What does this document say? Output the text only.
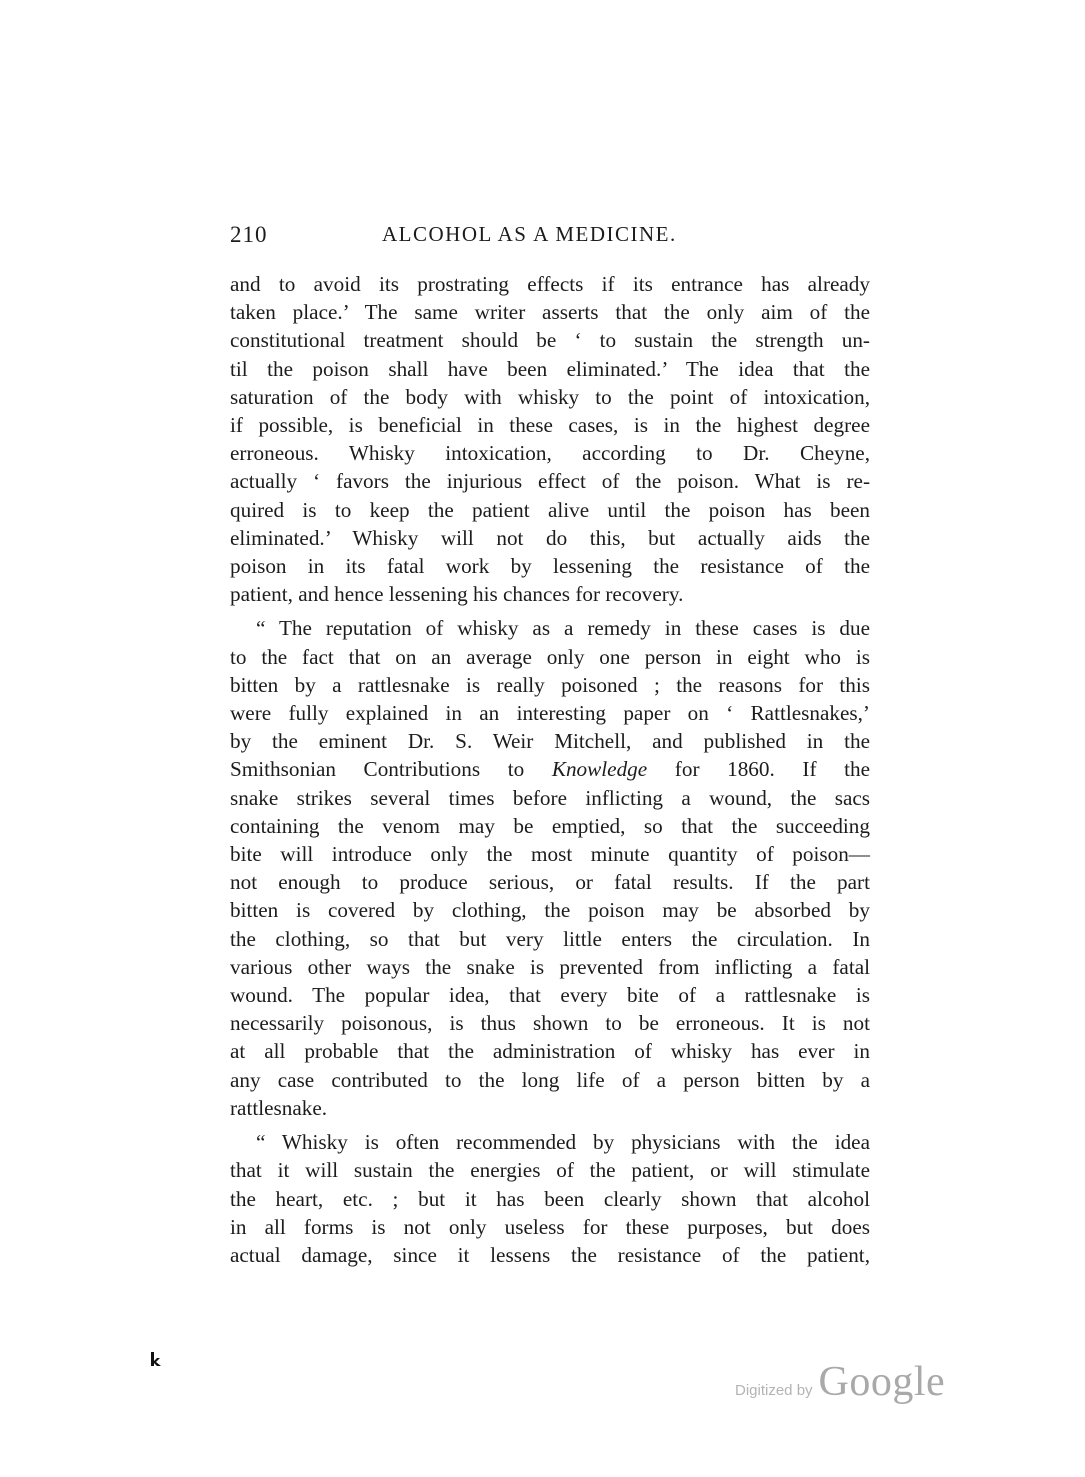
210	ALCOHOL AS A MEDICINE.
and to avoid its prostrating effects if its entrance has already
taken place.’ The same writer asserts that the only aim of the
constitutional treatment should be ‘ to sustain the strength un-
til the poison shall have been eliminated.’ The idea that the
saturation of the body with whisky to the point of intoxication,
if possible, is beneficial in these cases, is in the highest degree
erroneous. Whisky intoxication, according to Dr. Cheyne,
actually ‘ favors the injurious effect of the poison. What is re-
quired is to keep the patient alive until the poison has been
eliminated.’ Whisky will not do this, but actually aids the
poison in its fatal work by lessening the resistance of the
patient, and hence lessening his chances for recovery.
“ The reputation of whisky as a remedy in these cases is due
to the fact that on an average only one person in eight who is
bitten by a rattlesnake is really poisoned ; the reasons for this
were fully explained in an interesting paper on ‘ Rattlesnakes,’
by the eminent Dr. S. Weir Mitchell, and published in the
Smithsonian Contributions to Knowledge for 1860. If the
snake strikes several times before inflicting a wound, the sacs
containing the venom may be emptied, so that the succeeding
bite will introduce only the most minute quantity of poison—
not enough to produce serious, or fatal results. If the part
bitten is covered by clothing, the poison may be absorbed by
the clothing, so that but very little enters the circulation. In
various other ways the snake is prevented from inflicting a fatal
wound. The popular idea, that every bite of a rattlesnake is
necessarily poisonous, is thus shown to be erroneous. It is not
at all probable that the administration of whisky has ever in
any case contributed to the long life of a person bitten by a
rattlesnake.
“ Whisky is often recommended by physicians with the idea
that it will sustain the energies of the patient, or will stimulate
the heart, etc. ; but it has been clearly shown that alcohol
in all forms is not only useless for these purposes, but does
actual damage, since it lessens the resistance of the patient,
Digitized by Google
